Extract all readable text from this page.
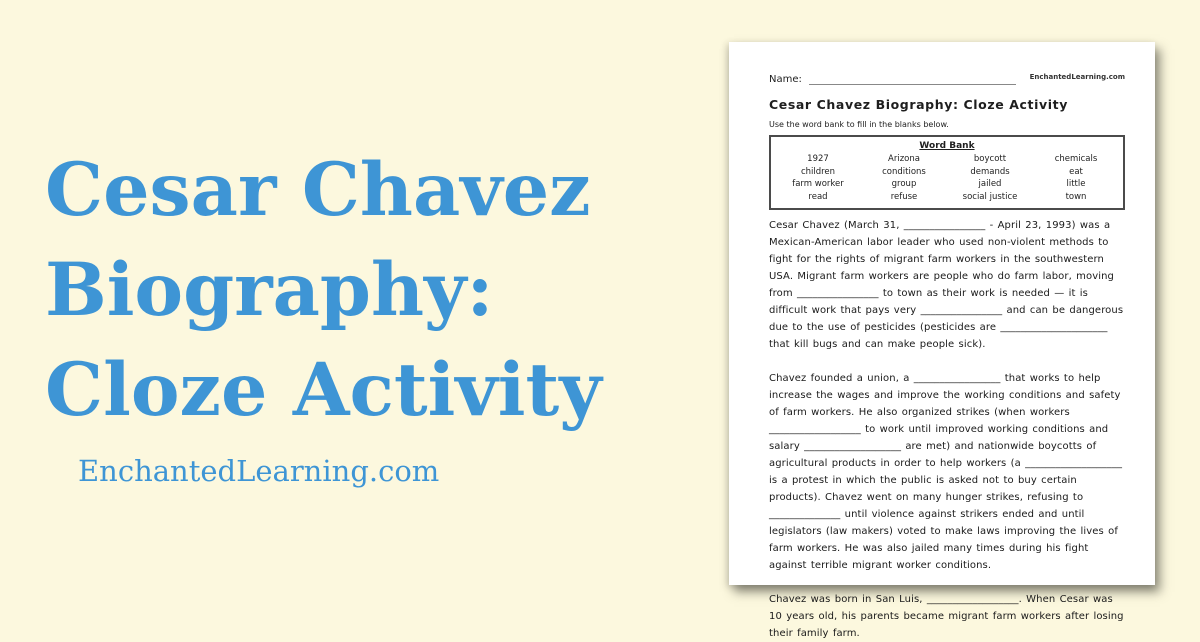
Cesar Chavez
Biography:
Cloze Activity
EnchantedLearning.com
Name:	EnchantedLearning.com
Cesar Chavez Biography: Cloze Activity
Use the word bank to fill in the blanks below.
Word Bank
1927
children
farm worker
read
Arizona
conditions
group
refuse
boycott
demands
jailed
social justice
chemicals
eat
little
town
Cesar Chavez (March 31, ________________ - April 23, 1993) was a Mexican-American labor leader who used non-violent methods to fight for the rights of migrant farm workers in the southwestern USA. Migrant farm workers are people who do farm labor, moving from ________________ to town as their work is needed — it is difficult work that pays very ________________ and can be dangerous due to the use of pesticides (pesticides are _____________________ that kill bugs and can make people sick).
Chavez founded a union, a _________________ that works to help increase the wages and improve the working conditions and safety of farm workers. He also organized strikes (when workers __________________ to work until improved working conditions and salary ___________________ are met) and nationwide boycotts of agricultural products in order to help workers (a ___________________ is a protest in which the public is asked not to buy certain products). Chavez went on many hunger strikes, refusing to ______________ until violence against strikers ended and until legislators (law makers) voted to make laws improving the lives of farm workers. He was also jailed many times during his fight against terrible migrant worker conditions.
Chavez was born in San Luis, __________________. When Cesar was 10 years old, his parents became migrant farm workers after losing their family farm.
